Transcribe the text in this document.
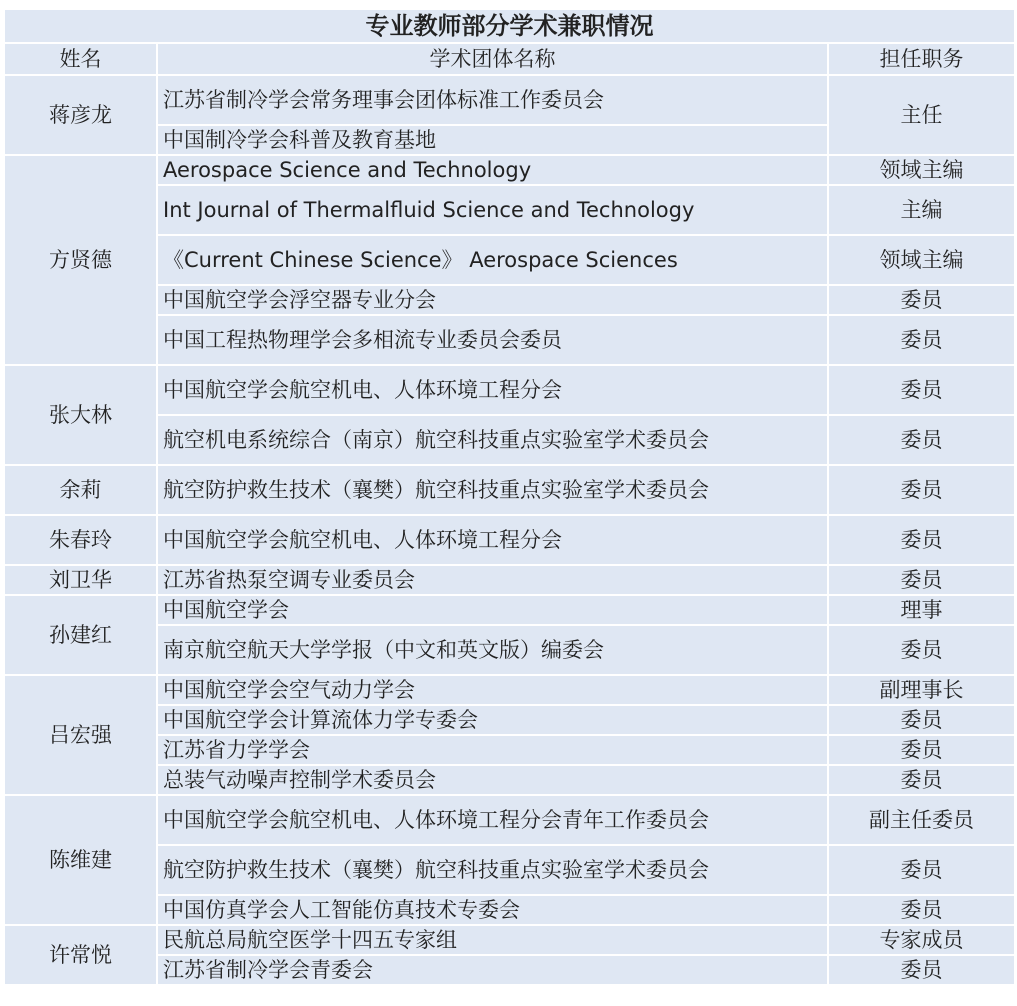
专业教师部分学术兼职情况		
姓名	学术团体名称	担任职务
蒋彦龙	江苏省制冷学会常务理事会团体标准工作委员会	主任
	中国制冷学会科普及教育基地	
方贤德	Aerospace Science and Technology	领域主编
	Int Journal of Thermalfluid Science and Technology	主编
	《Current Chinese Science》 Aerospace Sciences	领域主编
	中国航空学会浮空器专业分会	委员
	中国工程热物理学会多相流专业委员会委员	委员
张大林	中国航空学会航空机电、人体环境工程分会	委员
	航空机电系统综合（南京）航空科技重点实验室学术委员会	委员
余莉	航空防护救生技术（襄樊）航空科技重点实验室学术委员会	委员
朱春玲	中国航空学会航空机电、人体环境工程分会	委员
刘卫华	江苏省热泵空调专业委员会	委员
孙建红	中国航空学会	理事
	南京航空航天大学学报（中文和英文版）编委会	委员
吕宏强	中国航空学会空气动力学会	副理事长
	中国航空学会计算流体力学专委会	委员
	江苏省力学学会	委员
	总装气动噪声控制学术委员会	委员
陈维建	中国航空学会航空机电、人体环境工程分会青年工作委员会	副主任委员
	航空防护救生技术（襄樊）航空科技重点实验室学术委员会	委员
	中国仿真学会人工智能仿真技术专委会	委员
许常悦	民航总局航空医学十四五专家组	专家成员
	江苏省制冷学会青委会	委员
